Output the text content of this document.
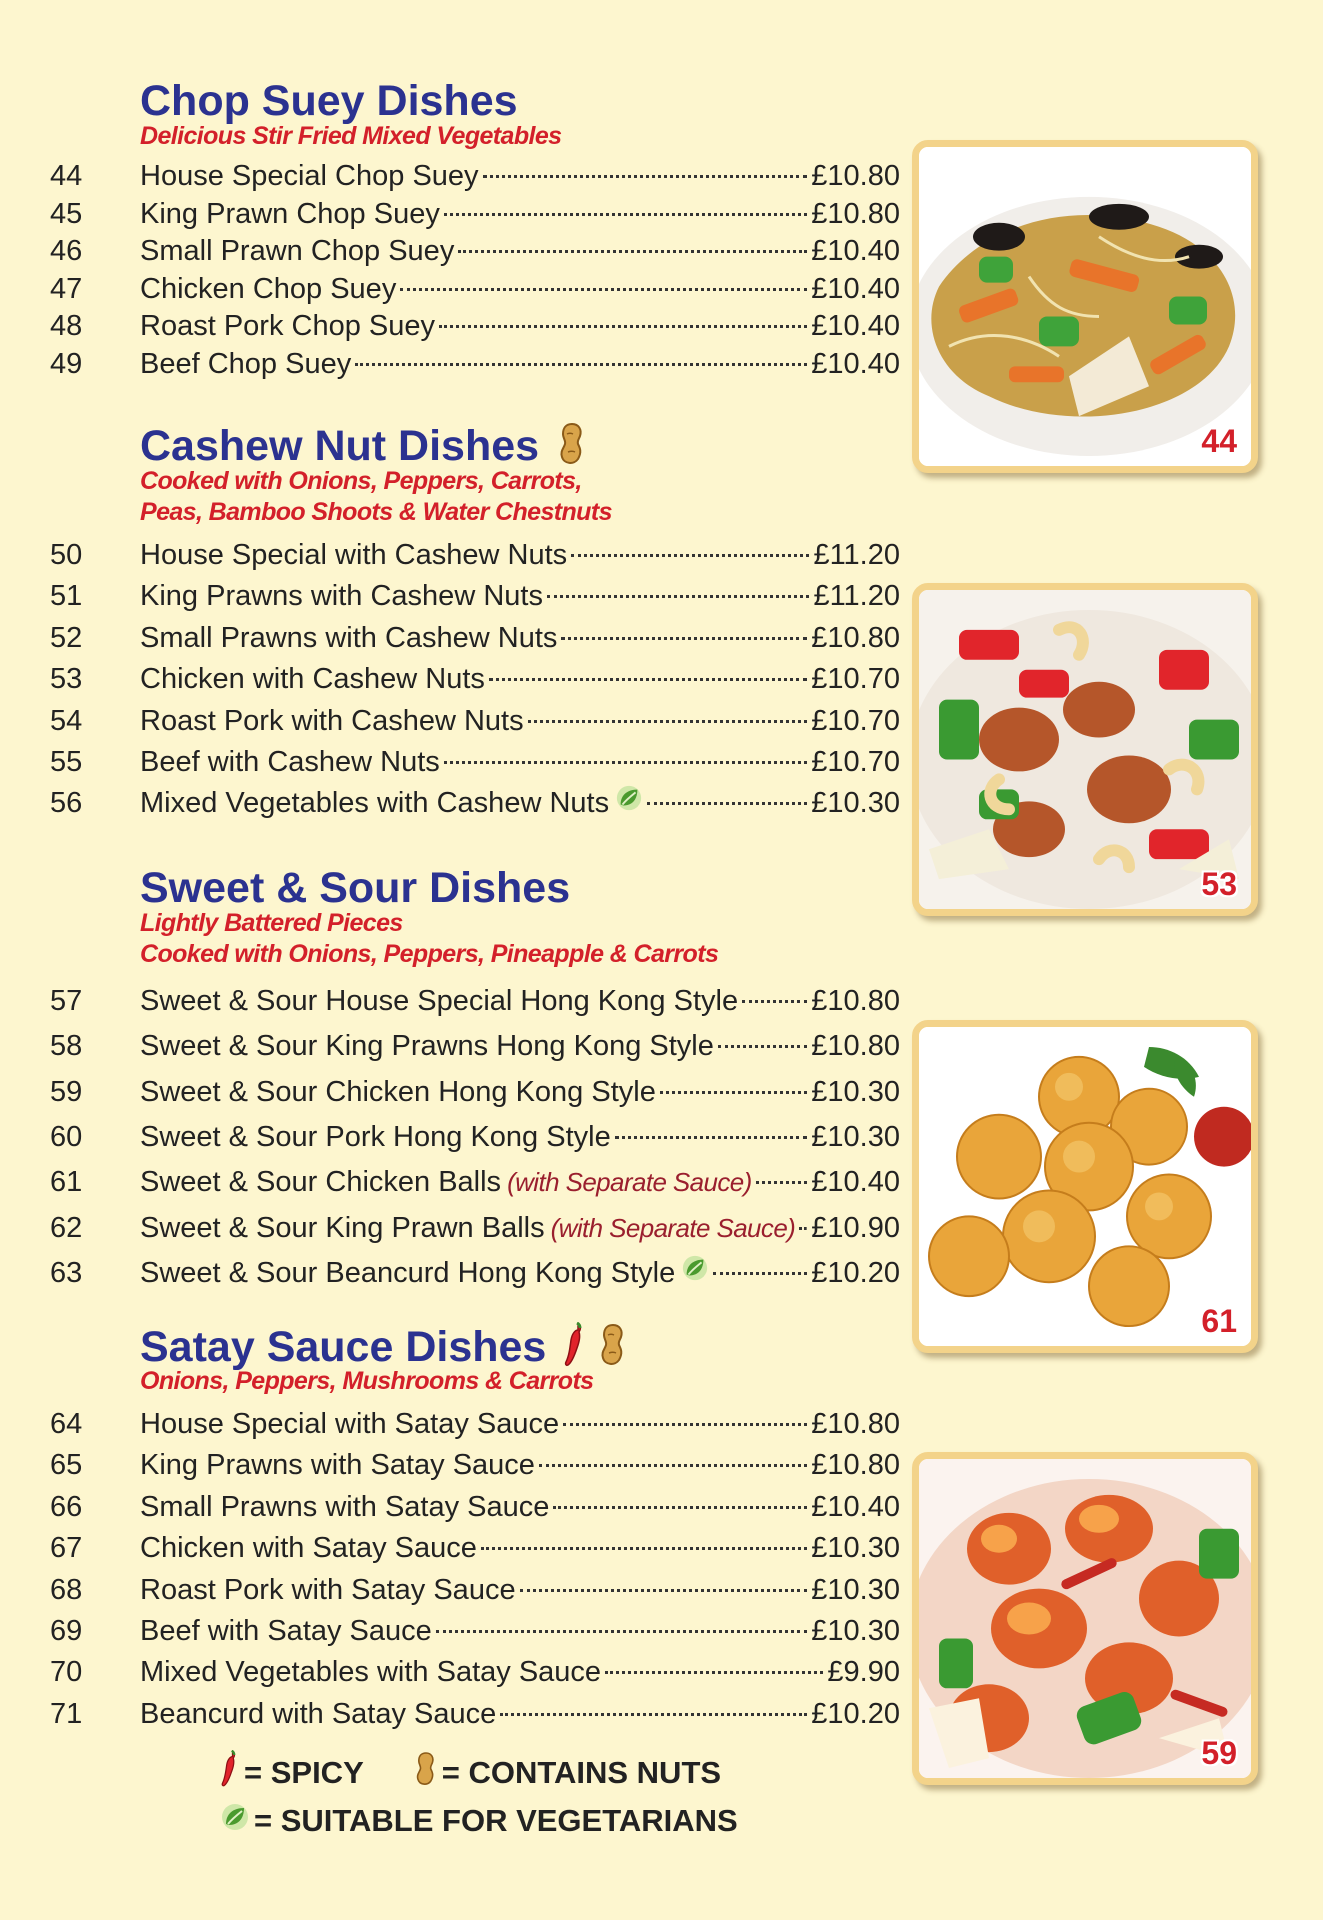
Chop Suey Dishes
Delicious Stir Fried Mixed Vegetables
44	House Special Chop Suey	£10.80
45	King Prawn Chop Suey	£10.80
46	Small Prawn Chop Suey	£10.40
47	Chicken Chop Suey	£10.40
48	Roast Pork Chop Suey	£10.40
49	Beef Chop Suey	£10.40
Cashew Nut Dishes
Cooked with Onions, Peppers, Carrots,
Peas, Bamboo Shoots & Water Chestnuts
50	House Special with Cashew Nuts	£11.20
51	King Prawns with Cashew Nuts	£11.20
52	Small Prawns with Cashew Nuts	£10.80
53	Chicken with Cashew Nuts	£10.70
54	Roast Pork with Cashew Nuts	£10.70
55	Beef with Cashew Nuts	£10.70
56	Mixed Vegetables with Cashew Nuts	£10.30
Sweet & Sour Dishes
Lightly Battered Pieces
Cooked with Onions, Peppers, Pineapple & Carrots
57	Sweet & Sour House Special Hong Kong Style	£10.80
58	Sweet & Sour King Prawns Hong Kong Style	£10.80
59	Sweet & Sour Chicken Hong Kong Style	£10.30
60	Sweet & Sour Pork Hong Kong Style	£10.30
61	Sweet & Sour Chicken Balls (with Separate Sauce) £10.40
62	Sweet & Sour King Prawn Balls (with Separate Sauce) £10.90
63	Sweet & Sour Beancurd Hong Kong Style	£10.20
Satay Sauce Dishes
Onions, Peppers, Mushrooms & Carrots
64	House Special with Satay Sauce	£10.80
65	King Prawns with Satay Sauce	£10.80
66	Small Prawns with Satay Sauce	£10.40
67	Chicken with Satay Sauce	£10.30
68	Roast Pork with Satay Sauce	£10.30
69	Beef with Satay Sauce	£10.30
70	Mixed Vegetables with Satay Sauce	£9.90
71	Beancurd with Satay Sauce	£10.20
= SPICY	= CONTAINS NUTS
= SUITABLE FOR VEGETARIANS
44
53
61
59
